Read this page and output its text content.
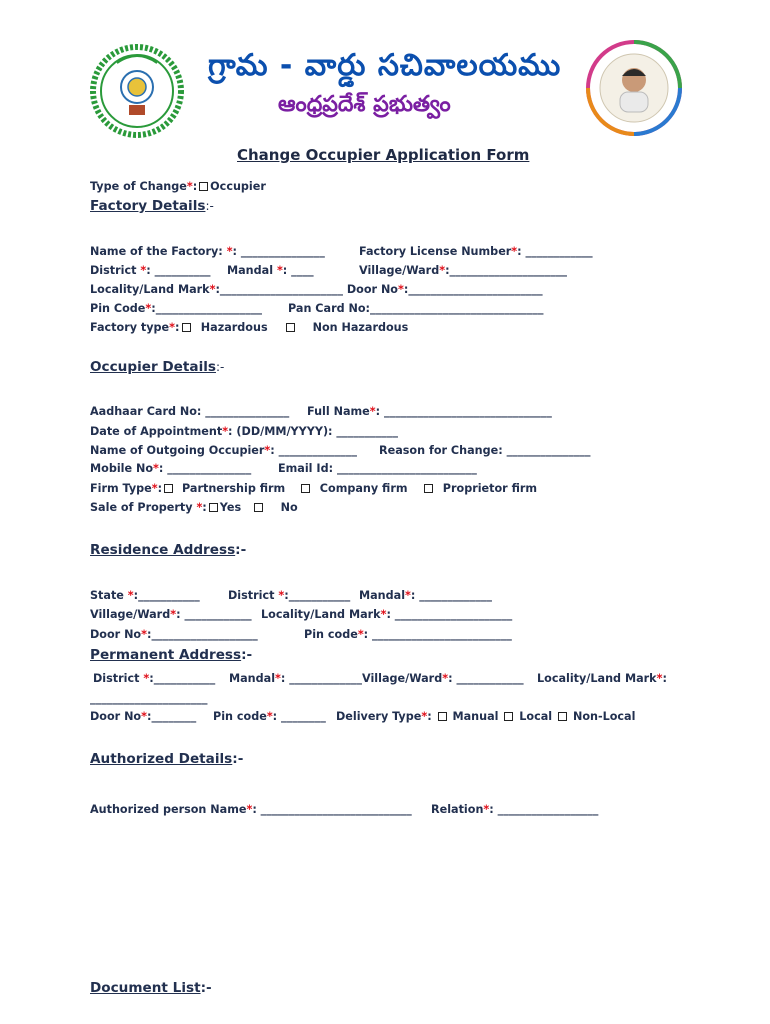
గ్రామ - వార్డు సచివాలయము
ఆంధ్రప్రదేశ్ ప్రభుత్వం
Change Occupier Application Form
Type of Change*: Occupier
Factory Details:-
Name of the Factory: *: _______________	Factory License Number*: ____________
District *: __________ Mandal *: ____	Village/Ward*:_____________________
Locality/Land Mark*:______________________ Door No*:________________________
Pin Code*:___________________ Pan Card No:_______________________________
Factory type*:	Hazardous	Non Hazardous
Occupier Details:-
Aadhaar Card No: _______________ Full Name*: ______________________________
Date of Appointment*: (DD/MM/YYYY): ___________
Name of Outgoing Occupier*: ______________ Reason for Change: _______________
Mobile No*: _______________ Email Id: _________________________
Firm Type*:	Partnership firm	Company firm	Proprietor firm
Sale of Property *: Yes	No
Residence Address:-
State *:___________	District *:___________ Mandal*: _____________
Village/Ward*: ____________ Locality/Land Mark*: _____________________
Door No*:___________________	Pin code*: _________________________
Permanent Address:-
District *:___________ Mandal*: _____________Village/Ward*: ____________ Locality/Land Mark*:
_____________________
Door No*:________ Pin code*: ________ Delivery Type*: Manual Local Non-Local
Authorized Details:-
Authorized person Name*: ___________________________ Relation*: __________________
Document List:-
